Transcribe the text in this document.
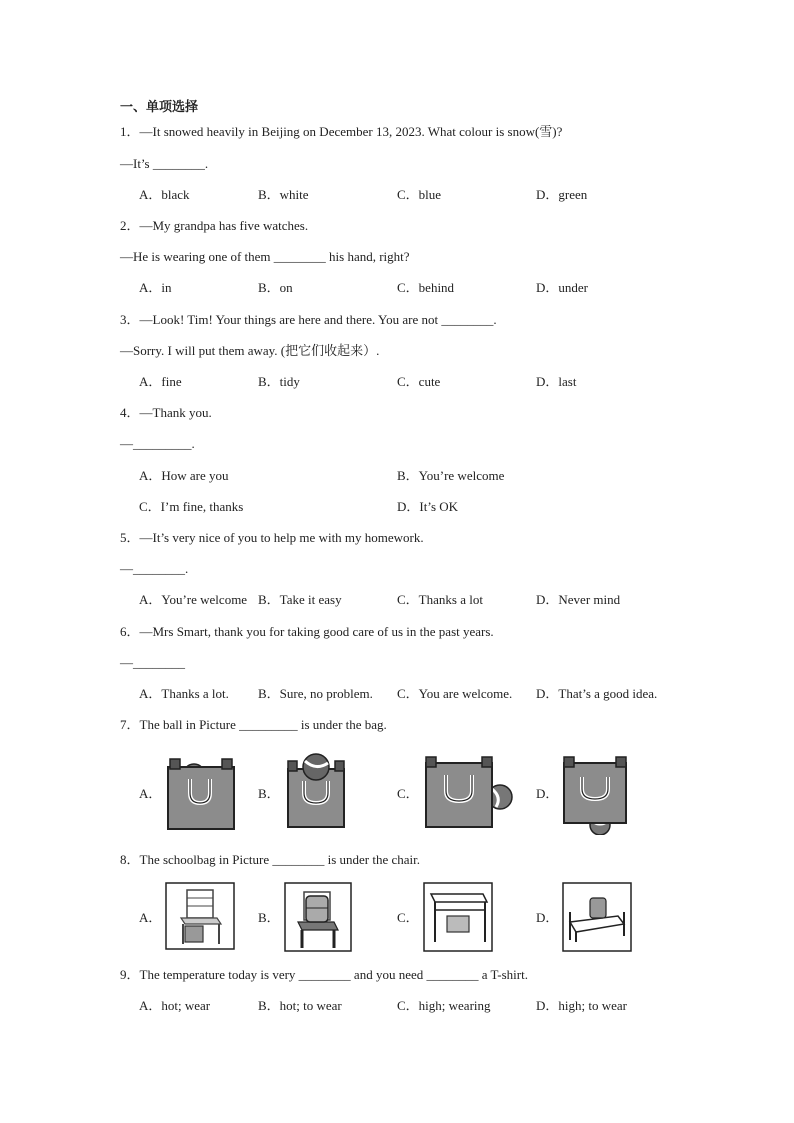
一、单项选择
1．—It snowed heavily in Beijing on December 13, 2023. What colour is snow(雪)?
—It’s ________.
A．black	B．white	C．blue	D．green
2．—My grandpa has five watches.
—He is wearing one of them ________ his hand, right?
A．in	B．on	C．behind	D．under
3．—Look! Tim! Your things are here and there. You are not ________.
—Sorry. I will put them away. (把它们收起来）.
A．fine	B．tidy	C．cute	D．last
4．—Thank you.
—_________.
A．How are you	B．You’re welcome
C．I’m fine, thanks	D．It’s OK
5．—It’s very nice of you to help me with my homework.
—________.
A．You’re welcome B．Take it easy	C．Thanks a lot	D．Never mind
6．—Mrs Smart, thank you for taking good care of us in the past years.
—________
A．Thanks a lot. B．Sure, no problem. C．You are welcome. D．That’s a good idea.
7．The ball in Picture _________ is under the bag.
A．	B．	C．	D．
8．The schoolbag in Picture ________ is under the chair.
A．	B．	C．	D．
9．The temperature today is very ________ and you need ________ a T-shirt.
A．hot; wear	B．hot; to wear	C．high; wearing	D．high; to wear
